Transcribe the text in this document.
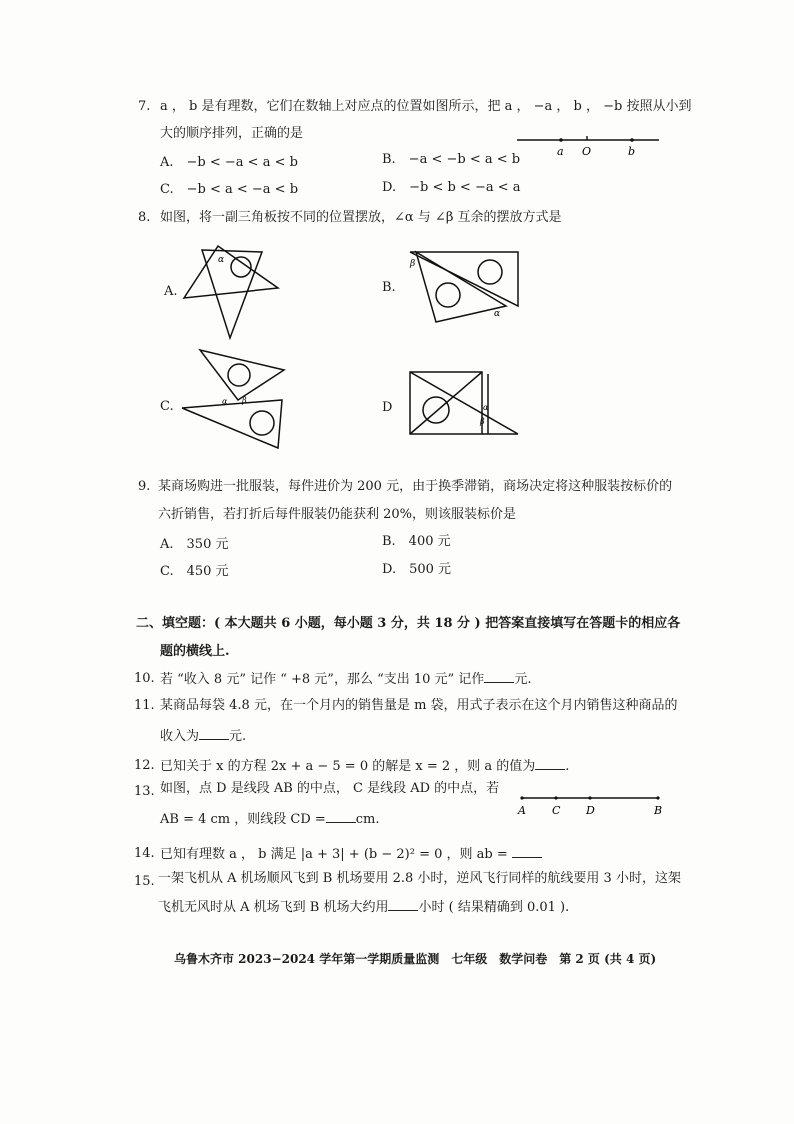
7. a ， b 是有理数，它们在数轴上对应点的位置如图所示，把 a ， −a ， b ， −b 按照从小到
大的顺序排列，正确的是
a O	b
A.　−b < −a < a < b	B.　−a < −b < a < b
C.　−b < a < −a < b	D.　−b < b < −a < a
8. 如图，将一副三角板按不同的位置摆放，∠α 与 ∠β 互余的摆放方式是
A.
α
B.
β
α
C.	α β	D	α
β
9. 某商场购进一批服装，每件进价为 200 元，由于换季滞销，商场决定将这种服装按标价的
六折销售，若打折后每件服装仍能获利 20%，则该服装标价是
A.　350 元	B.　400 元
C.　450 元	D.　500 元
二、填空题：( 本大题共 6 小题，每小题 3 分，共 18 分 ) 把答案直接填写在答题卡的相应各
题的横线上.
10. 若 “收入 8 元” 记作 “ +8 元”，那么 “支出 10 元” 记作 元.
11. 某商品每袋 4.8 元，在一个月内的销售量是 m 袋，用式子表示在这个月内销售这种商品的
收入为 元.
12. 已知关于 x 的方程 2x + a − 5 = 0 的解是 x = 2 ，则 a 的值为 .
13. 如图，点 D 是线段 AB 的中点， C 是线段 AD 的中点，若
AB = 4 cm ，则线段 CD = cm.
A C D	B
14. 已知有理数 a ， b 满足 |a + 3| + (b − 2)² = 0 ，则 ab =
15. 一架飞机从 A 机场顺风飞到 B 机场要用 2.8 小时，逆风飞行同样的航线要用 3 小时，这架
飞机无风时从 A 机场飞到 B 机场大约用 小时 ( 结果精确到 0.01 ).
乌鲁木齐市 2023−2024 学年第一学期质量监测　七年级　数学问卷　第 2 页 (共 4 页)
